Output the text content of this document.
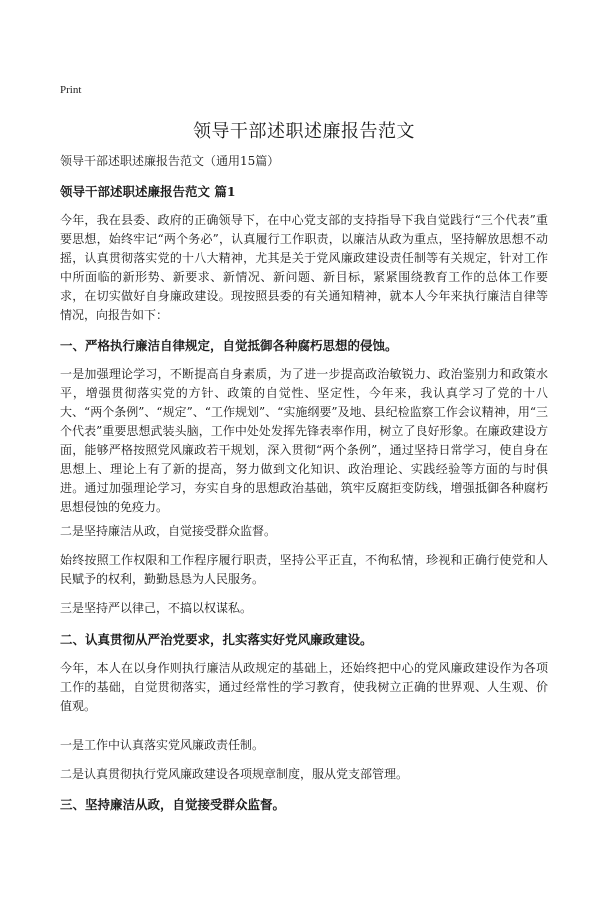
Print
领导干部述职述廉报告范文
领导干部述职述廉报告范文（通用15篇）
领导干部述职述廉报告范文 篇1

今年，我在县委、政府的正确领导下，在中心党支部的支持指导下我自觉践行“三个代表”重要思想，始终牢记“两个务必”，认真履行工作职责，以廉洁从政为重点，坚持解放思想不动摇，认真贯彻落实党的十八大精神，尤其是关于党风廉政建设责任制等有关规定，针对工作中所面临的新形势、新要求、新情况、新问题、新目标，紧紧围绕教育工作的总体工作要求，在切实做好自身廉政建设。现按照县委的有关通知精神，就本人今年来执行廉洁自律等情况，向报告如下：

一、严格执行廉洁自律规定，自觉抵御各种腐朽思想的侵蚀。

一是加强理论学习，不断提高自身素质，为了进一步提高政治敏锐力、政治鉴别力和政策水平，增强贯彻落实党的方针、政策的自觉性、坚定性，今年来，我认真学习了党的十八大、“两个条例”、“规定”、“工作规划”、“实施纲要”及地、县纪检监察工作会议精神，用“三个代表”重要思想武装头脑，工作中处处发挥先锋表率作用，树立了良好形象。在廉政建设方面，能够严格按照党风廉政若干规划，深入贯彻“两个条例”，通过坚持日常学习，使自身在思想上、理论上有了新的提高，努力做到文化知识、政治理论、实践经验等方面的与时俱进。通过加强理论学习，夯实自身的思想政治基础，筑牢反腐拒变防线，增强抵御各种腐朽思想侵蚀的免疫力。

二是坚持廉洁从政，自觉接受群众监督。

始终按照工作权限和工作程序履行职责，坚持公平正直，不徇私情，珍视和正确行使党和人民赋予的权利，勤勤恳恳为人民服务。

三是坚持严以律己，不搞以权谋私。

二、认真贯彻从严治党要求，扎实落实好党风廉政建设。

今年，本人在以身作则执行廉洁从政规定的基础上，还始终把中心的党风廉政建设作为各项工作的基础，自觉贯彻落实，通过经常性的学习教育，使我树立正确的世界观、人生观、价值观。

一是工作中认真落实党风廉政责任制。

二是认真贯彻执行党风廉政建设各项规章制度，服从党支部管理。

三、坚持廉洁从政，自觉接受群众监督。
